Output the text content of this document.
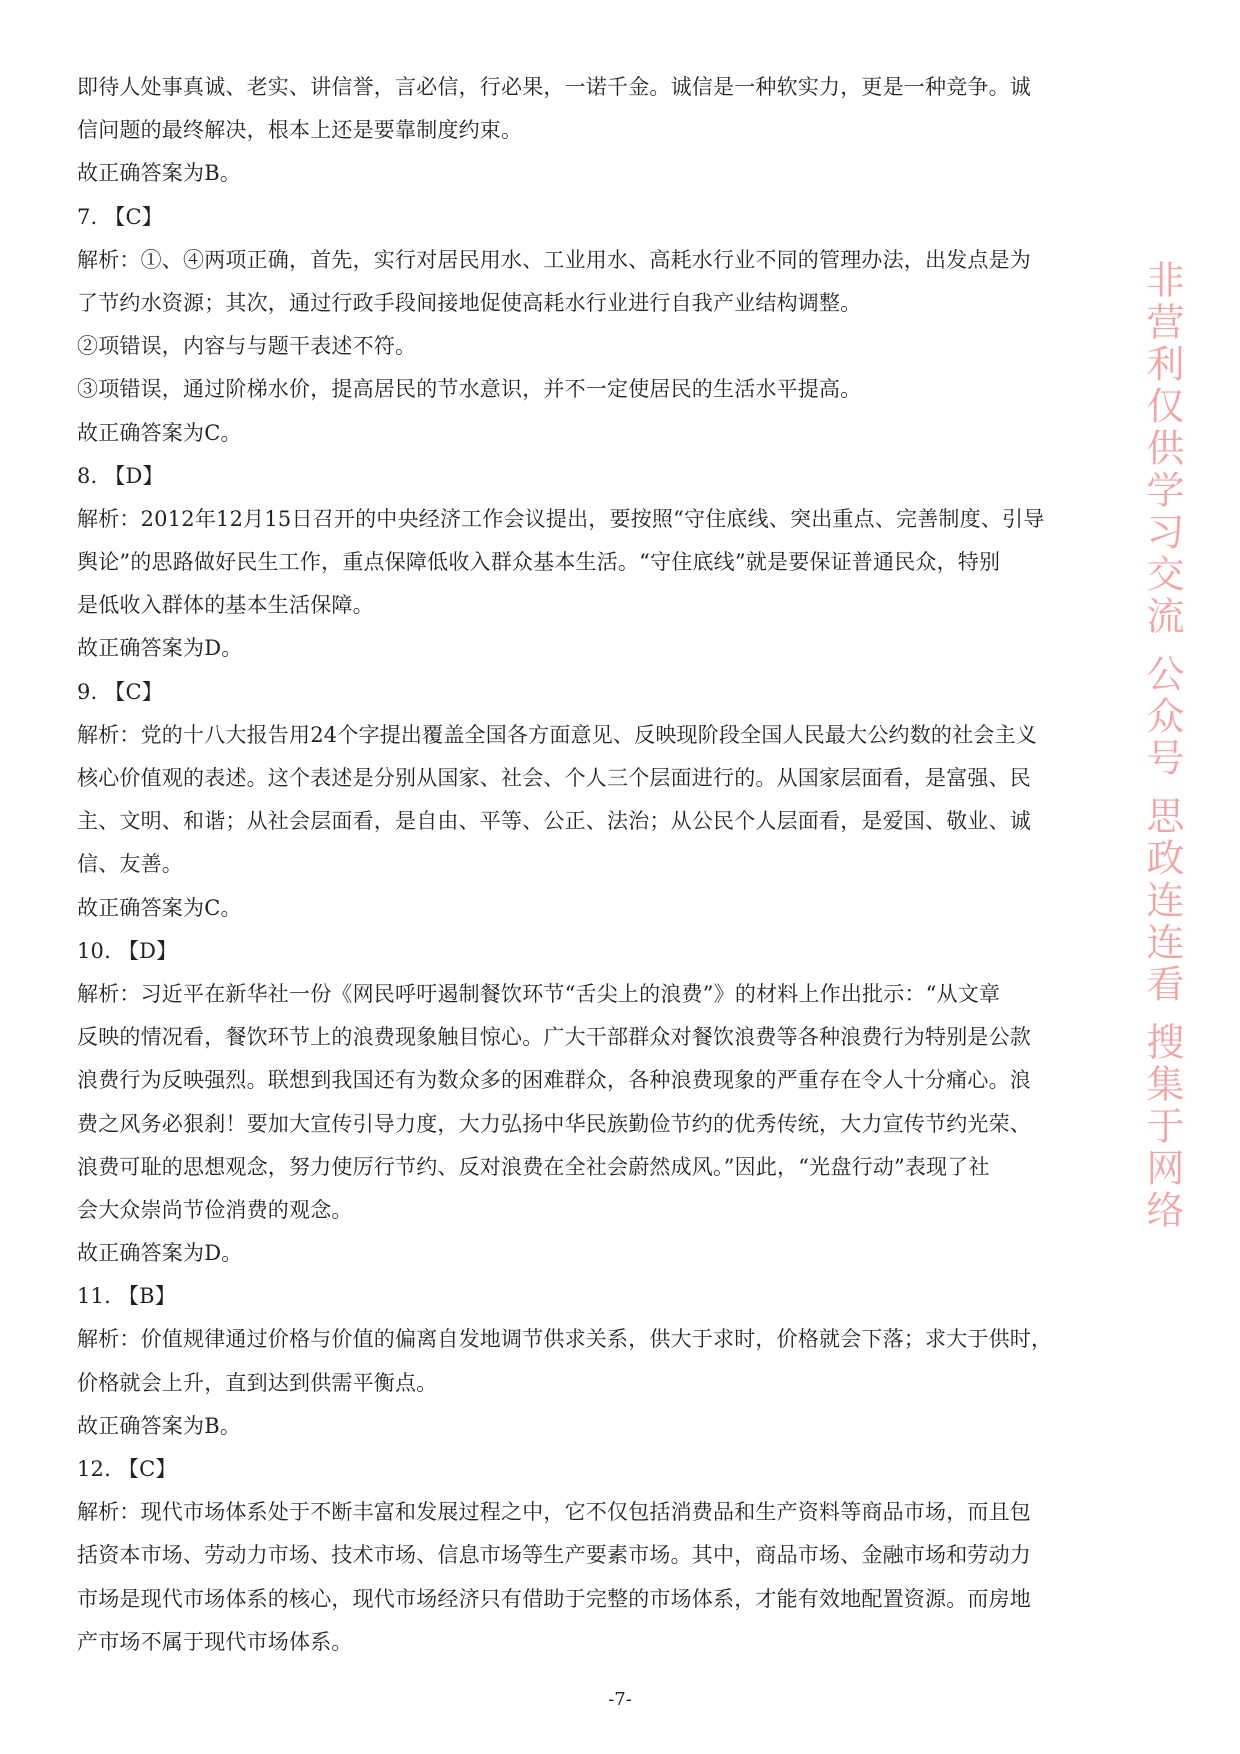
即待人处事真诚、老实、讲信誉，言必信，行必果，一诺千金。诚信是一种软实力，更是一种竞争。诚
信问题的最终解决，根本上还是要靠制度约束。
故正确答案为B。
7. 【C】
解析：①、④两项正确，首先，实行对居民用水、工业用水、高耗水行业不同的管理办法，出发点是为
了节约水资源；其次，通过行政手段间接地促使高耗水行业进行自我产业结构调整。
②项错误，内容与与题干表述不符。
③项错误，通过阶梯水价，提高居民的节水意识，并不一定使居民的生活水平提高。
故正确答案为C。
8. 【D】
解析：2012年12月15日召开的中央经济工作会议提出，要按照“守住底线、突出重点、完善制度、引导
舆论”的思路做好民生工作，重点保障低收入群众基本生活。“守住底线”就是要保证普通民众，特别
是低收入群体的基本生活保障。
故正确答案为D。
9. 【C】
解析：党的十八大报告用24个字提出覆盖全国各方面意见、反映现阶段全国人民最大公约数的社会主义
核心价值观的表述。这个表述是分别从国家、社会、个人三个层面进行的。从国家层面看，是富强、民
主、文明、和谐；从社会层面看，是自由、平等、公正、法治；从公民个人层面看，是爱国、敬业、诚
信、友善。
故正确答案为C。
10. 【D】
解析：习近平在新华社一份《网民呼吁遏制餐饮环节“舌尖上的浪费”》的材料上作出批示：“从文章
反映的情况看，餐饮环节上的浪费现象触目惊心。广大干部群众对餐饮浪费等各种浪费行为特别是公款
浪费行为反映强烈。联想到我国还有为数众多的困难群众，各种浪费现象的严重存在令人十分痛心。浪
费之风务必狠刹！要加大宣传引导力度，大力弘扬中华民族勤俭节约的优秀传统，大力宣传节约光荣、
浪费可耻的思想观念，努力使厉行节约、反对浪费在全社会蔚然成风。”因此，“光盘行动”表现了社
会大众崇尚节俭消费的观念。
故正确答案为D。
11. 【B】
解析：价值规律通过价格与价值的偏离自发地调节供求关系，供大于求时，价格就会下落；求大于供时，
价格就会上升，直到达到供需平衡点。
故正确答案为B。
12. 【C】
解析：现代市场体系处于不断丰富和发展过程之中，它不仅包括消费品和生产资料等商品市场，而且包
括资本市场、劳动力市场、技术市场、信息市场等生产要素市场。其中，商品市场、金融市场和劳动力
市场是现代市场体系的核心，现代市场经济只有借助于完整的市场体系，才能有效地配置资源。而房地
产市场不属于现代市场体系。
-7-
非营利仅供学习交流 公众号 思政连连看 搜集于网络
